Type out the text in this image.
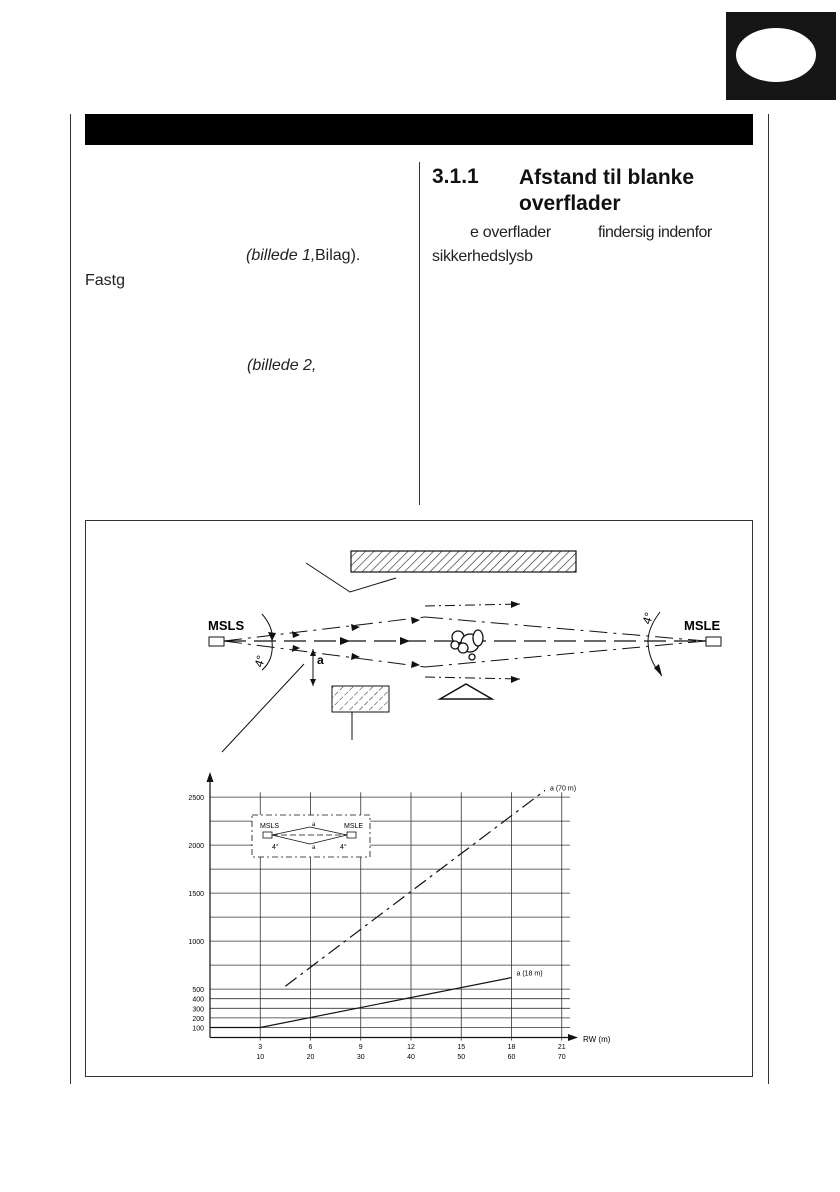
(billede 1, Bilag).
Fastg
(billede 2,
3.1.1 Afstand til blanke
overflader
e overflader	findersig indenfor
sikkerhedslysb
MSLS	MSLE
4°
4°
a
100
200
300
400
500
1000
1500
2000
2500
3
10
6
20
9
30
12
40
15
50
18
60
21
70
a (70 m)
a (18 m)
MSLS	MSLE
4°	4°
a
a
RW (m)
